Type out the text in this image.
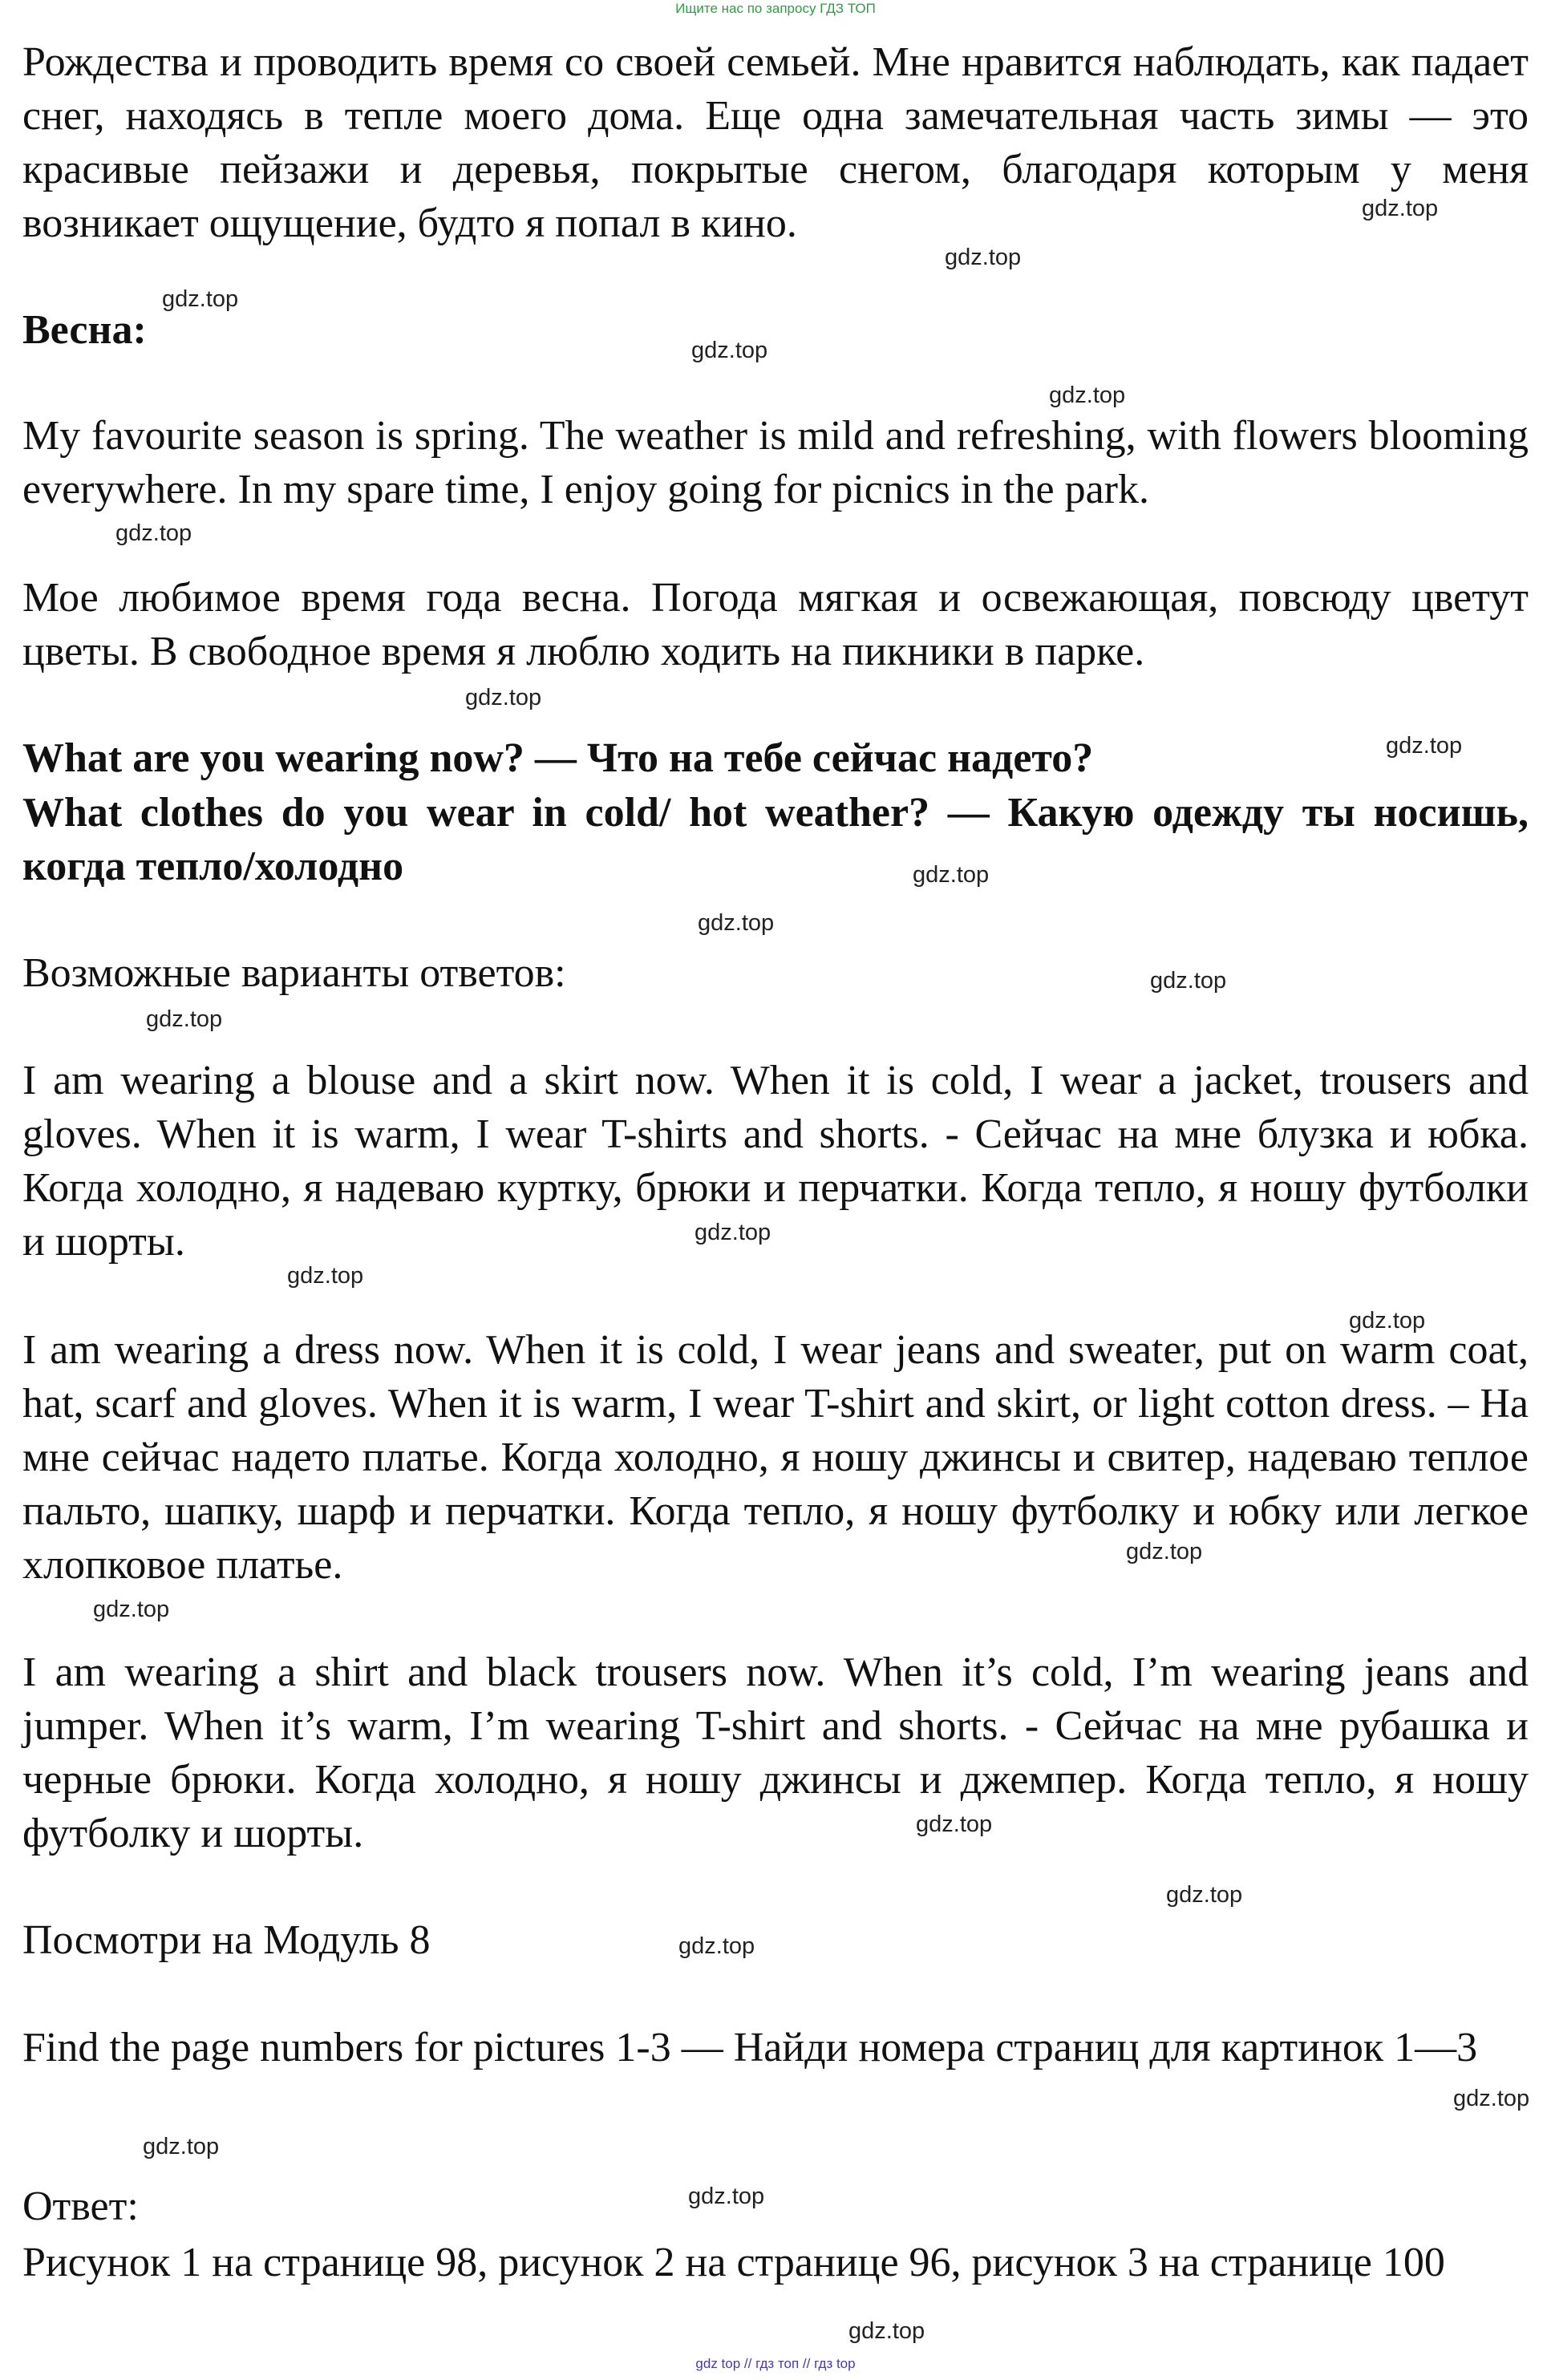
Ищите нас по запросу ГДЗ ТОП

Рождества и проводить время со своей семьей. Мне нравится наблюдать, как падает снег, находясь в тепле моего дома. Еще одна замечательная часть зимы — это красивые пейзажи и деревья, покрытые снегом, благодаря которым у меня возникает ощущение, будто я попал в кино.

Весна:

My favourite season is spring. The weather is mild and refreshing, with flowers blooming everywhere. In my spare time, I enjoy going for picnics in the park.

Мое любимое время года весна. Погода мягкая и освежающая, повсюду цветут цветы. В свободное время я люблю ходить на пикники в парке.

What are you wearing now? — Что на тебе сейчас надето?

What clothes do you wear in cold/ hot weather? — Какую одежду ты носишь, когда тепло/холодно

Возможные варианты ответов:

I am wearing a blouse and a skirt now. When it is cold, I wear a jacket, trousers and gloves. When it is warm, I wear T-shirts and shorts. - Сейчас на мне блузка и юбка. Когда холодно, я надеваю куртку, брюки и перчатки. Когда тепло, я ношу футболки и шорты.

I am wearing a dress now. When it is cold, I wear jeans and sweater, put on warm coat, hat, scarf and gloves. When it is warm, I wear T-shirt and skirt, or light cotton dress. – На мне сейчас надето платье. Когда холодно, я ношу джинсы и свитер, надеваю теплое пальто, шапку, шарф и перчатки. Когда тепло, я ношу футболку и юбку или легкое хлопковое платье.

I am wearing a shirt and black trousers now. When it’s cold, I’m wearing jeans and jumper. When it’s warm, I’m wearing T-shirt and shorts. - Сейчас на мне рубашка и черные брюки. Когда холодно, я ношу джинсы и джемпер. Когда тепло, я ношу футболку и шорты.

Посмотри на Модуль 8

Find the page numbers for pictures 1-3 — Найди номера страниц для картинок 1—3

Ответ:

Рисунок 1 на странице 98, рисунок 2 на странице 96, рисунок 3 на странице 100

gdz.top
gdz.top
gdz.top
gdz.top
gdz.top
gdz.top
gdz.top
gdz.top
gdz.top
gdz.top
gdz.top
gdz.top
gdz.top
gdz.top
gdz.top
gdz.top
gdz.top
gdz.top
gdz.top
gdz.top
gdz.top
gdz.top
gdz.top
gdz.top
gdz top // гдз топ // гдз top
